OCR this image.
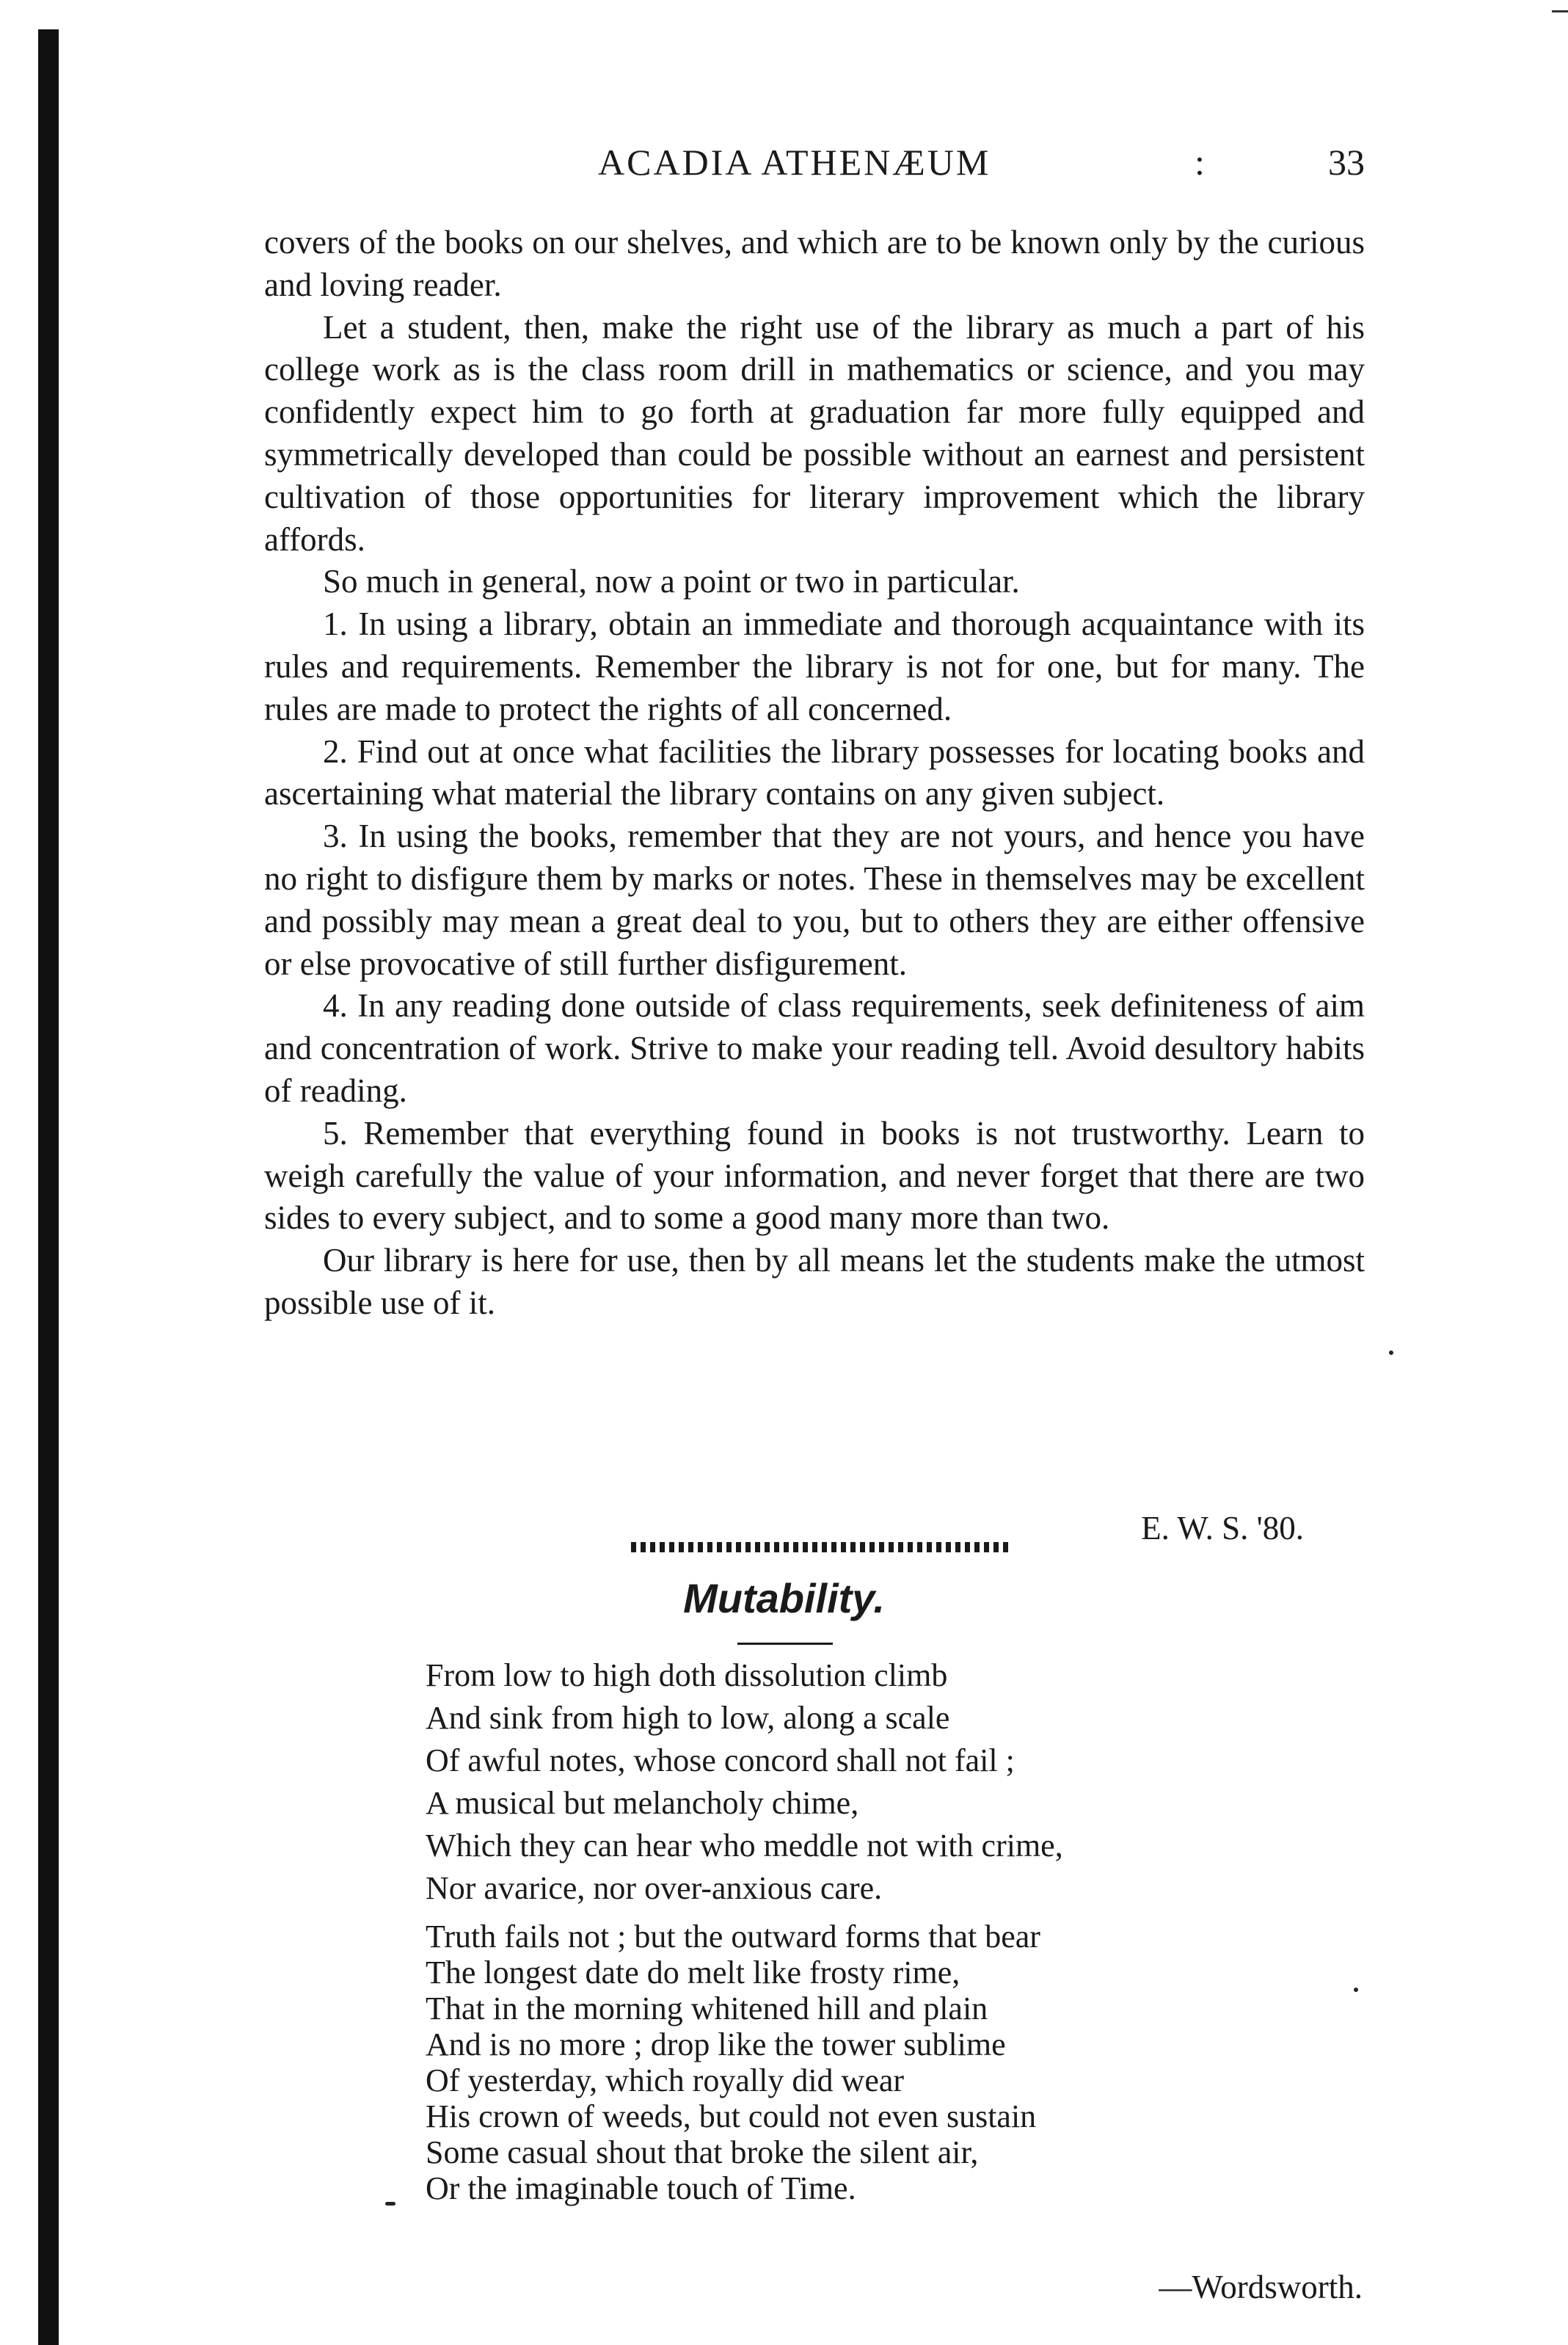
ACADIA ATHENÆUM	:	33

covers of the books on our shelves, and which are to be known only by the curious and loving reader.

Let a student, then, make the right use of the library as much a part of his college work as is the class room drill in mathematics or science, and you may confidently expect him to go forth at graduation far more fully equipped and symmetrically developed than could be possible without an earnest and persistent cultivation of those opportunities for literary improvement which the library affords.

So much in general, now a point or two in particular.

1. In using a library, obtain an immediate and thorough acquaintance with its rules and requirements. Remember the library is not for one, but for many. The rules are made to protect the rights of all concerned.

2. Find out at once what facilities the library possesses for locating books and ascertaining what material the library contains on any given subject.

3. In using the books, remember that they are not yours, and hence you have no right to disfigure them by marks or notes. These in themselves may be excellent and possibly may mean a great deal to you, but to others they are either offensive or else provocative of still further disfigurement.

4. In any reading done outside of class requirements, seek definiteness of aim and concentration of work. Strive to make your reading tell. Avoid desultory habits of reading.

5. Remember that everything found in books is not trustworthy. Learn to weigh carefully the value of your information, and never forget that there are two sides to every subject, and to some a good many more than two.

Our library is here for use, then by all means let the students make the utmost possible use of it.

E. W. S. '80.
Mutability.
From low to high doth dissolution climb
And sink from high to low, along a scale
Of awful notes, whose concord shall not fail ;
A musical but melancholy chime,
Which they can hear who meddle not with crime,
Nor avarice, nor over-anxious care.
Truth fails not ; but the outward forms that bear
The longest date do melt like frosty rime,
That in the morning whitened hill and plain
And is no more ; drop like the tower sublime
Of yesterday, which royally did wear
His crown of weeds, but could not even sustain
Some casual shout that broke the silent air,
Or the imaginable touch of Time.
—Wordsworth.
